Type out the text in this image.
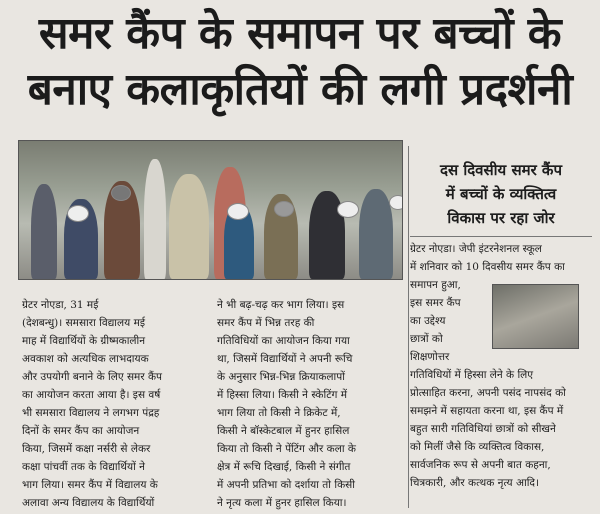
समर कैंप के समापन पर बच्चों के
बनाए कलाकृतियों की लगी प्रदर्शनी
दस दिवसीय समर कैंप
में बच्चों के व्यक्तित्व
विकास पर रहा जोर
ग्रेटर नोएडा, 31 मई
(देशबन्धु)। समसारा विद्यालय मई
माह में विद्यार्थियों के ग्रीष्मकालीन
अवकाश को अत्यधिक लाभदायक
और उपयोगी बनाने के लिए समर कैंप
का आयोजन करता आया है। इस वर्ष
भी समसारा विद्यालय ने लगभग पंद्रह
दिनों के समर कैंप का आयोजन
किया, जिसमें कक्षा नर्सरी से लेकर
कक्षा पांचवीं तक के विद्यार्थियों ने
भाग लिया। समर कैंप में विद्यालय के
अलावा अन्य विद्यालय के विद्यार्थियों
ने भी बढ़-चढ़ कर भाग लिया। इस
समर कैंप में भिन्न तरह की
गतिविधियों का आयोजन किया गया
था, जिसमें विद्यार्थियों ने अपनी रूचि
के अनुसार भिन्न-भिन्न क्रियाकलापों
में हिस्सा लिया। किसी ने स्केटिंग में
भाग लिया तो किसी ने क्रिकेट में,
किसी ने बॉस्केटबाल में हुनर हासिल
किया तो किसी ने पेंटिंग और कला के
क्षेत्र में रूचि दिखाई, किसी ने संगीत
में अपनी प्रतिभा को दर्शाया तो किसी
ने नृत्य कला में हुनर हासिल किया।
ग्रेटर नोएडा। जेपी इंटरनेशनल स्कूल
में शनिवार को 10 दिवसीय समर कैंप का
समापन हुआ,
इस समर कैंप
का उद्देश्य
छात्रों को
शिक्षणोत्तर
गतिविधियों में हिस्सा लेने के लिए
प्रोत्साहित करना, अपनी पसंद नापसंद को
समझने में सहायता करना था, इस कैंप में
बहुत सारी गतिविधियां छात्रों को सीखने
को मिलीं जैसे कि व्यक्तित्व विकास,
सार्वजनिक रूप से अपनी बात कहना,
चित्रकारी, और कत्थक नृत्य आदि।
